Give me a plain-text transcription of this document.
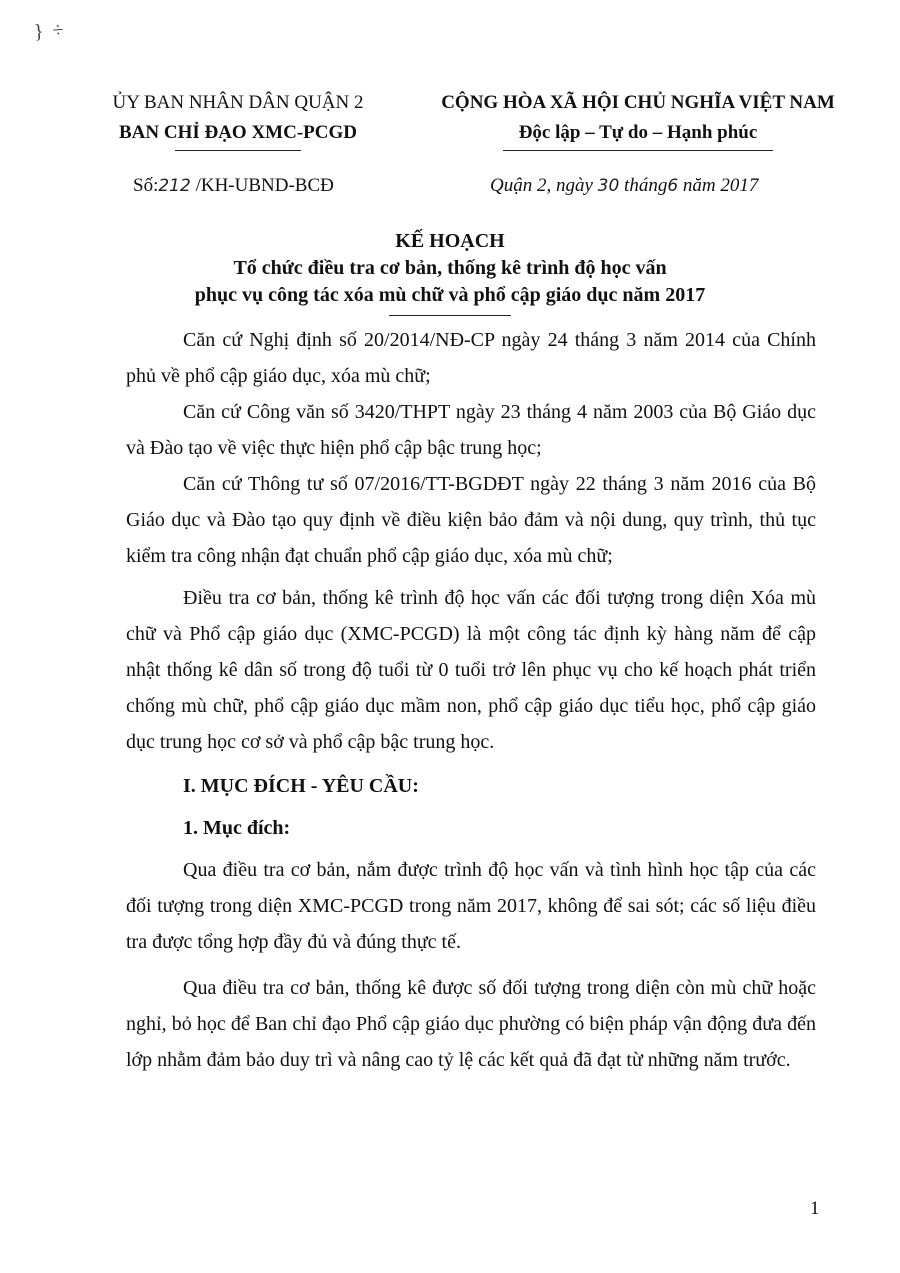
} ÷
ỦY BAN NHÂN DÂN QUẬN 2
BAN CHỈ ĐẠO XMC-PCGD
CỘNG HÒA XÃ HỘI CHỦ NGHĨA VIỆT NAM
Độc lập – Tự do – Hạnh phúc
Số:212 /KH-UBND-BCĐ	Quận 2, ngày 30 tháng6 năm 2017
KẾ HOẠCH
Tổ chức điều tra cơ bản, thống kê trình độ học vấn
phục vụ công tác xóa mù chữ và phổ cập giáo dục năm 2017

Căn cứ Nghị định số 20/2014/NĐ-CP ngày 24 tháng 3 năm 2014 của Chính phủ về phổ cập giáo dục, xóa mù chữ;

Căn cứ Công văn số 3420/THPT ngày 23 tháng 4 năm 2003 của Bộ Giáo dục và Đào tạo về việc thực hiện phổ cập bậc trung học;

Căn cứ Thông tư số 07/2016/TT-BGDĐT ngày 22 tháng 3 năm 2016 của Bộ Giáo dục và Đào tạo quy định về điều kiện bảo đảm và nội dung, quy trình, thủ tục kiểm tra công nhận đạt chuẩn phổ cập giáo dục, xóa mù chữ;

Điều tra cơ bản, thống kê trình độ học vấn các đối tượng trong diện Xóa mù chữ và Phổ cập giáo dục (XMC-PCGD) là một công tác định kỳ hàng năm để cập nhật thống kê dân số trong độ tuổi từ 0 tuổi trở lên phục vụ cho kế hoạch phát triển chống mù chữ, phổ cập giáo dục mầm non, phổ cập giáo dục tiểu học, phổ cập giáo dục trung học cơ sở và phổ cập bậc trung học.

I. MỤC ĐÍCH - YÊU CẦU:

1. Mục đích:

Qua điều tra cơ bản, nắm được trình độ học vấn và tình hình học tập của các đối tượng trong diện XMC-PCGD trong năm 2017, không để sai sót; các số liệu điều tra được tổng hợp đầy đủ và đúng thực tế.

Qua điều tra cơ bản, thống kê được số đối tượng trong diện còn mù chữ hoặc nghỉ, bỏ học để Ban chỉ đạo Phổ cập giáo dục phường có biện pháp vận động đưa đến lớp nhằm đảm bảo duy trì và nâng cao tỷ lệ các kết quả đã đạt từ những năm trước.

1
